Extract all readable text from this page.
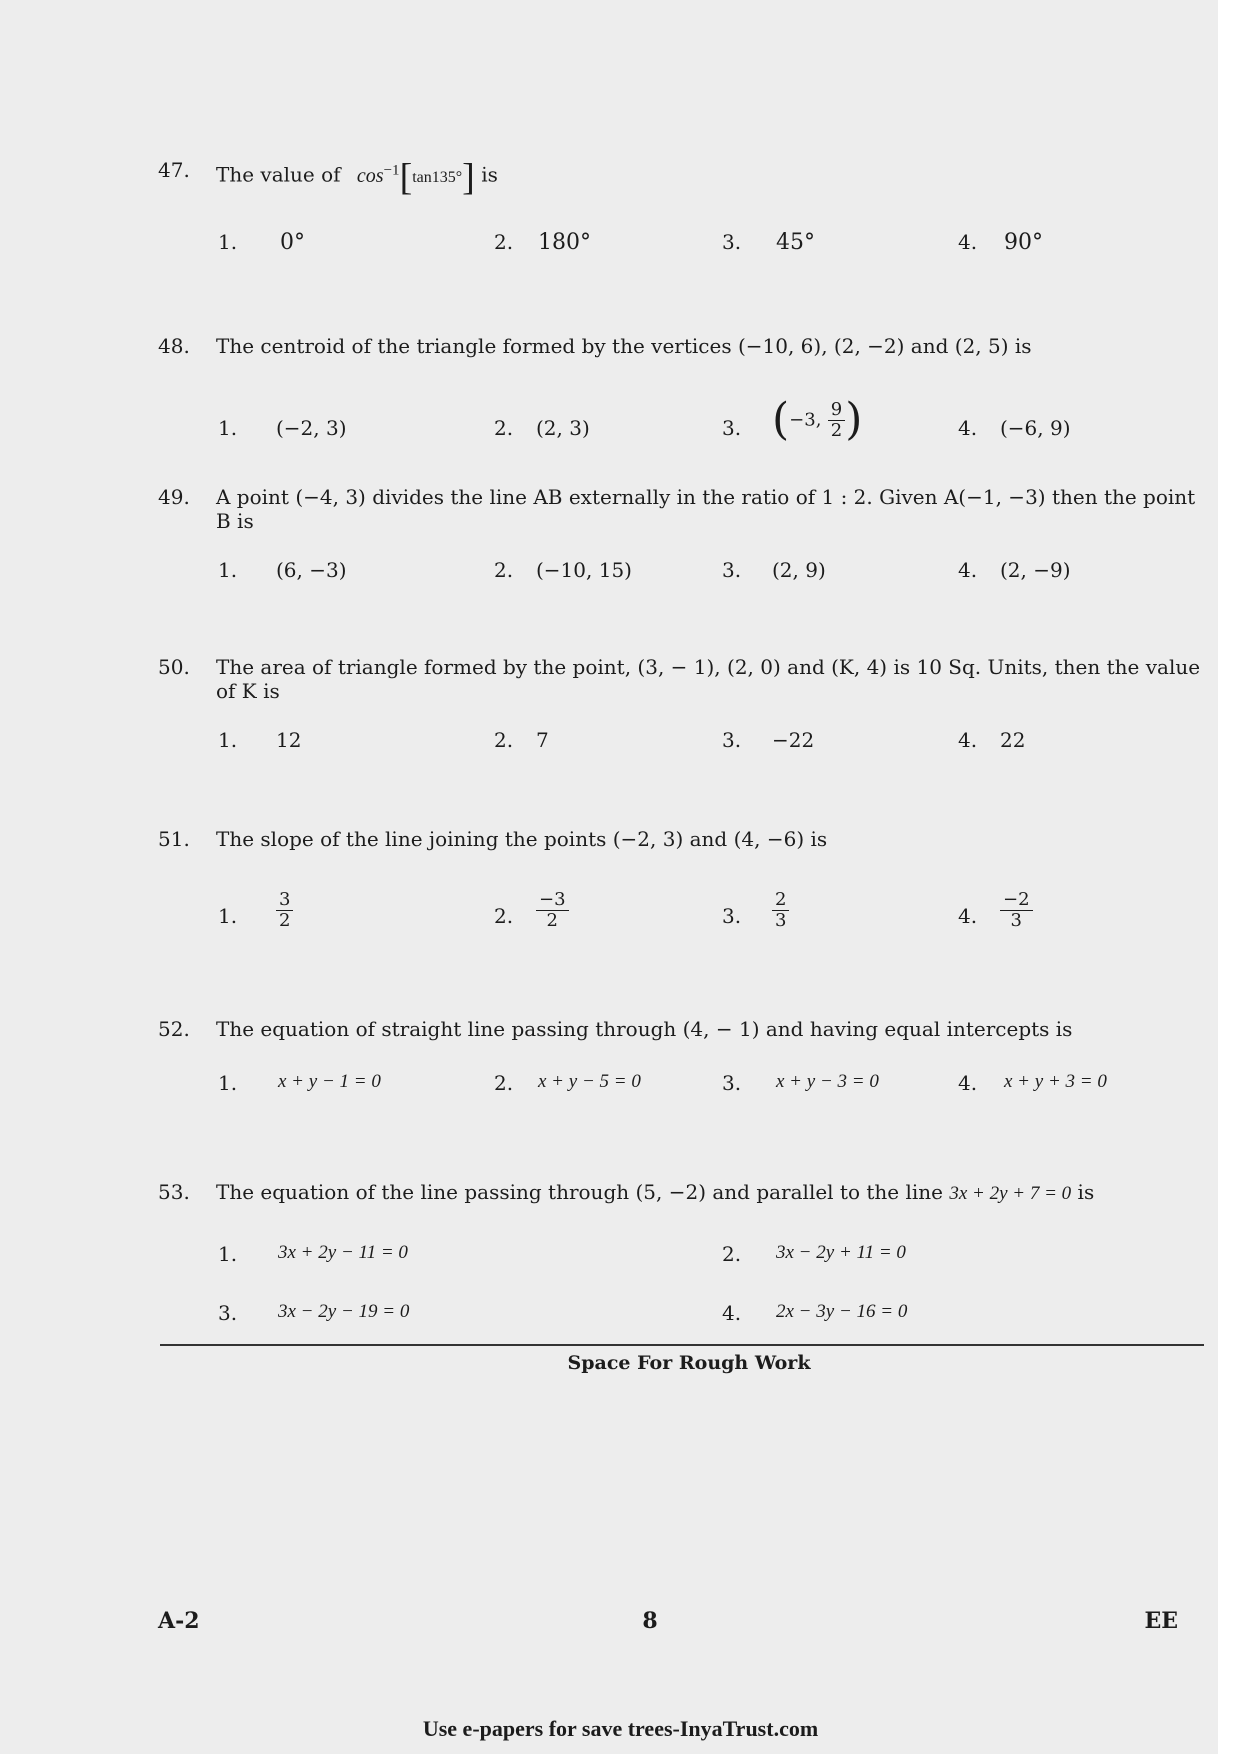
47. The value of $\cos^{-1}[\tan 135^\circ]$ is
1. 0°	2. 180°	3. 45°	4. 90°
48. The centroid of the triangle formed by the vertices (−10, 6), (2, −2) and (2, 5) is
1. (−2, 3)	2. (2, 3)	3. (−3, $\frac{9}{2}$ )	4. (−6, 9)
49. A point (−4, 3) divides the line AB externally in the ratio of 1 : 2. Given A(−1, −3) then the point B is
1. (6, −3)	2. (−10, 15)	3. (2, 9)	4. (2, −9)
50. The area of triangle formed by the point, (3, − 1), (2, 0) and (K, 4) is 10 Sq. Units, then the value of K is
1. 12	2. 7	3. −22	4. 22
51. The slope of the line joining the points (−2, 3) and (4, −6) is
1. $\frac{3}{2}$	2. $\frac{-3}{2}$	3. $\frac{2}{3}$	4. $\frac{-2}{3}$
52. The equation of straight line passing through (4, − 1) and having equal intercepts is
1. x + y − 1 = 0	2. x + y − 5 = 0	3. x + y − 3 = 0	4. x + y + 3 = 0
53. The equation of the line passing through (5, −2) and parallel to the line 3x + 2y + 7 = 0 is
1. 3x + 2y − 11 = 0	2. 3x − 2y + 11 = 0
3. 3x − 2y − 19 = 0	4. 2x − 3y − 16 = 0
Space For Rough Work
A-2	8	EE
Use e-papers for save trees-InyaTrust.com
